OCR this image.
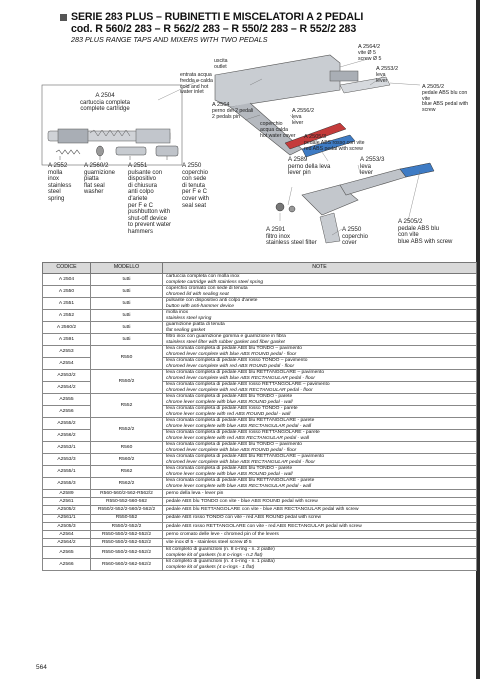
SERIE 283 PLUS – RUBINETTI E MISCELATORI A 2 PEDALI
cod. R 560/2 283 – R 562/2 283 – R 550/2 283 – R 552/2 283
283 PLUS RANGE TAPS AND MIXERS WITH TWO PEDALS
uscita
outlet
A 2564/2
vite Ø 5
screw Ø 5
A 2553/2
leva
lever
entrata acqua
fredda e calda
cold and hot
water inlet
A 2505/2
pedale ABS blu con vite
blue ABS pedal with screw
A 2564
perno dei 2 pedali
2 pedals pin
A 2556/2
leva
lever
coperchio
acqua calda
hot water cover A 2505/3
pedale ABS rosso con vite
red ABS pedal with screw
A 2504
cartuccia completa
complete cartridge
A 2552
molla
inox
stainless
steel
spring
A 2560/2
guarnizione
piatta
flat seal
washer
A 2551
pulsante con
dispositivo
di chiusura
anti colpo
d'ariete
per F e C
pushbutton with
shut-off device
to prevent water
hammers
A 2550
coperchio
con sede
di tenuta
per F e C
cover with
seal seat
A 2589
perno della leva
lever pin
A 2553/3
leva
lever
A 2591
filtro inox
stainless steel filter
A 2550
coperchio
cover
A 2505/2
pedale ABS blu
con vite
blue ABS with screw
CODICE	MODELLO	NOTE
A 2504	tutti	cartuccia completa con molla inox
complete cartridge with stainless steel spring

A 2550	tutti	coperchio cromato con sede di tenuta
chromed lid with sealing seat

A 2551	tutti	pulsante con dispositivo anti colpo d'ariete
button with anti-hammer device

A 2552	tutti	molla inox
stainless steel spring

A 2560/2	tutti	guarnizione piatta di tenuta
flat sealing gasket

A 2591	tutti	filtro inox con guarnizione gomma e guarnizione in fibra
stainless steel filter with rubber gasket and fiber gasket

A2553	R550	leva cromata completa di pedale ABS blu TONDO – pavimento
chromed lever complete with blue ABS ROUND pedal - floor

A2554		leva cromata completa di pedale ABS rosso TONDO – pavimento
chromed lever complete with red ABS ROUND pedal - floor

A2553/2	R550/2	leva cromata completa di pedale ABS blu RETTANGOLARE – pavimento
chromed lever complete with blue ABS RECTANGULAR pedal - floor

A2554/2		leva cromata completa di pedale ABS rosso RETTANGOLARE – pavimento
chromed lever complete with red ABS RECTANGULAR pedal - floor

A2555	R552	leva cromata completa di pedale ABS blu TONDO - parete
chrome lever complete with blue ABS ROUND pedal - wall

A2556		leva cromata completa di pedale ABS rosso TONDO - parete
chrome lever complete with red ABS ROUND pedal - wall

A2555/2	R552/2	leva cromata completa di pedale ABS blu RETTANGOLARE - parete
chrome lever complete with blue ABS RECTANGULAR pedal - wall

A2556/2		leva cromata completa di pedale ABS rosso RETTANGOLARE - parete
chrome lever complete with red ABS RECTANGULAR pedal - wall

A2553/1	R560	leva cromata completa di pedale ABS blu TONDO – pavimento
chromed lever complete with blue ABS ROUND pedal - floor

A2553/3	R560/2	leva cromata completa di pedale ABS blu RETTANGOLARE – pavimento
chromed lever complete with blue ABS RECTANGULAR pedal - floor

A2555/1	R562	leva cromata completa di pedale ABS blu TONDO - parete
chrome lever complete with blue ABS ROUND pedal - wall

A2555/3	R562/2	leva cromata completa di pedale ABS blu RETTANGOLARE - parete
chrome lever complete with blue ABS RECTANGULAR pedal - wall

A2589	R560-560/2-562-R562/2	perno della leva - lever pin

A2561	R550-552-560-562	pedale ABS blu TONDO con vite - blue ABS ROUND pedal with screw

A2505/2	R550/2-552/2-560/2-562/2	pedale ABS blu RETTANGOLARE con vite - blue ABS RECTANGULAR pedal with screw

A2561/1	R550-552	pedale ABS rosso TONDO con vite - red ABS ROUND pedal with screw

A2505/3	R550/2-552/2	pedale ABS rosso RETTANGOLARE con vite - red ABS RECTANGULAR pedal with screw

A2564	R550-550/2-552-552/2	perno cromato delle leve - chromed pin of the levers

A2564/2	R550-550/2-552-552/2	vite inox Ø 5 - stainless steel screw Ø 5

A2565	R550-550/2-552-552/2	kit completo di guarnizioni (n. 8 o-ring - n. 2 piatte)
complete kit of gaskets (n.8 o-rings - n.2 flat)

A2566	R560-560/2-562-562/2	kit completo di guarnizioni (n. 4 o-ring - n. 1 piatta)
complete kit of gaskets (4 o-rings - 1 flat)
564
